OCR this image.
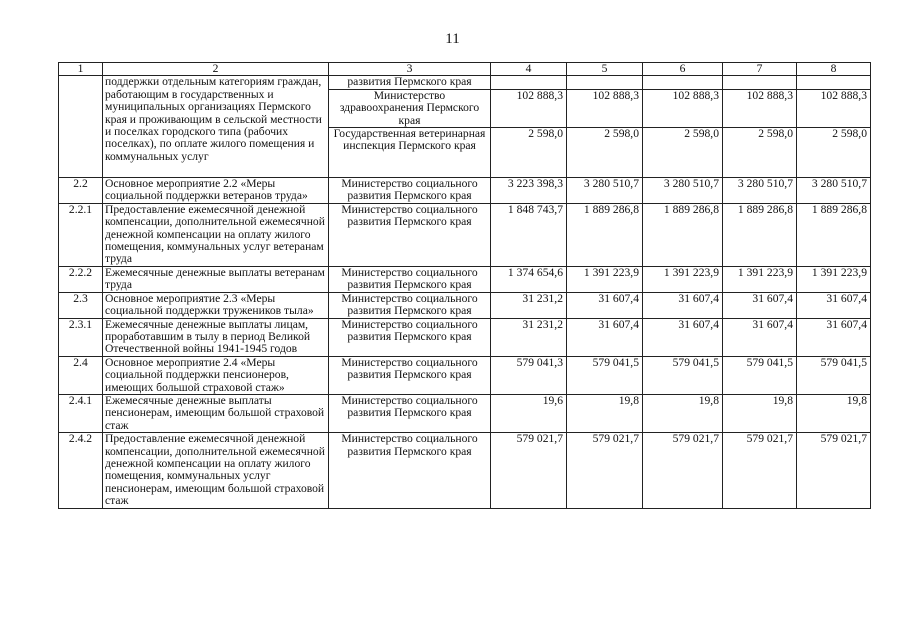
11
1	2	3	4	5	6	7	8
	поддержки отдельным категориям граждан, работающим в государственных и муниципальных организациях Пермского края и проживающим в сельской местности и поселках городского типа (рабочих поселках), по оплате жилого помещения и коммунальных услуг	развития Пермского края					
		Министерство здравоохранения Пермского края	102 888,3	102 888,3	102 888,3	102 888,3	102 888,3
		Государственная ветеринарная инспекция Пермского края	2 598,0	2 598,0	2 598,0	2 598,0	2 598,0
2.2	Основное мероприятие 2.2 «Меры социальной поддержки ветеранов труда»	Министерство социального развития Пермского края	3 223 398,3	3 280 510,7	3 280 510,7	3 280 510,7	3 280 510,7
2.2.1	Предоставление ежемесячной денежной компенсации, дополнительной ежемесячной денежной компенсации на оплату жилого помещения, коммунальных услуг ветеранам труда	Министерство социального развития Пермского края	1 848 743,7	1 889 286,8	1 889 286,8	1 889 286,8	1 889 286,8
2.2.2	Ежемесячные денежные выплаты ветеранам труда	Министерство социального развития Пермского края	1 374 654,6	1 391 223,9	1 391 223,9	1 391 223,9	1 391 223,9
2.3	Основное мероприятие 2.3 «Меры социальной поддержки тружеников тыла»	Министерство социального развития Пермского края	31 231,2	31 607,4	31 607,4	31 607,4	31 607,4
2.3.1	Ежемесячные денежные выплаты лицам, проработавшим в тылу в период Великой Отечественной войны 1941-1945 годов	Министерство социального развития Пермского края	31 231,2	31 607,4	31 607,4	31 607,4	31 607,4
2.4	Основное мероприятие 2.4 «Меры социальной поддержки пенсионеров, имеющих большой страховой стаж»	Министерство социального развития Пермского края	579 041,3	579 041,5	579 041,5	579 041,5	579 041,5
2.4.1	Ежемесячные денежные выплаты пенсионерам, имеющим большой страховой стаж	Министерство социального развития Пермского края	19,6	19,8	19,8	19,8	19,8
2.4.2	Предоставление ежемесячной денежной компенсации, дополнительной ежемесячной денежной компенсации на оплату жилого помещения, коммунальных услуг пенсионерам, имеющим большой страховой стаж	Министерство социального развития Пермского края	579 021,7	579 021,7	579 021,7	579 021,7	579 021,7
